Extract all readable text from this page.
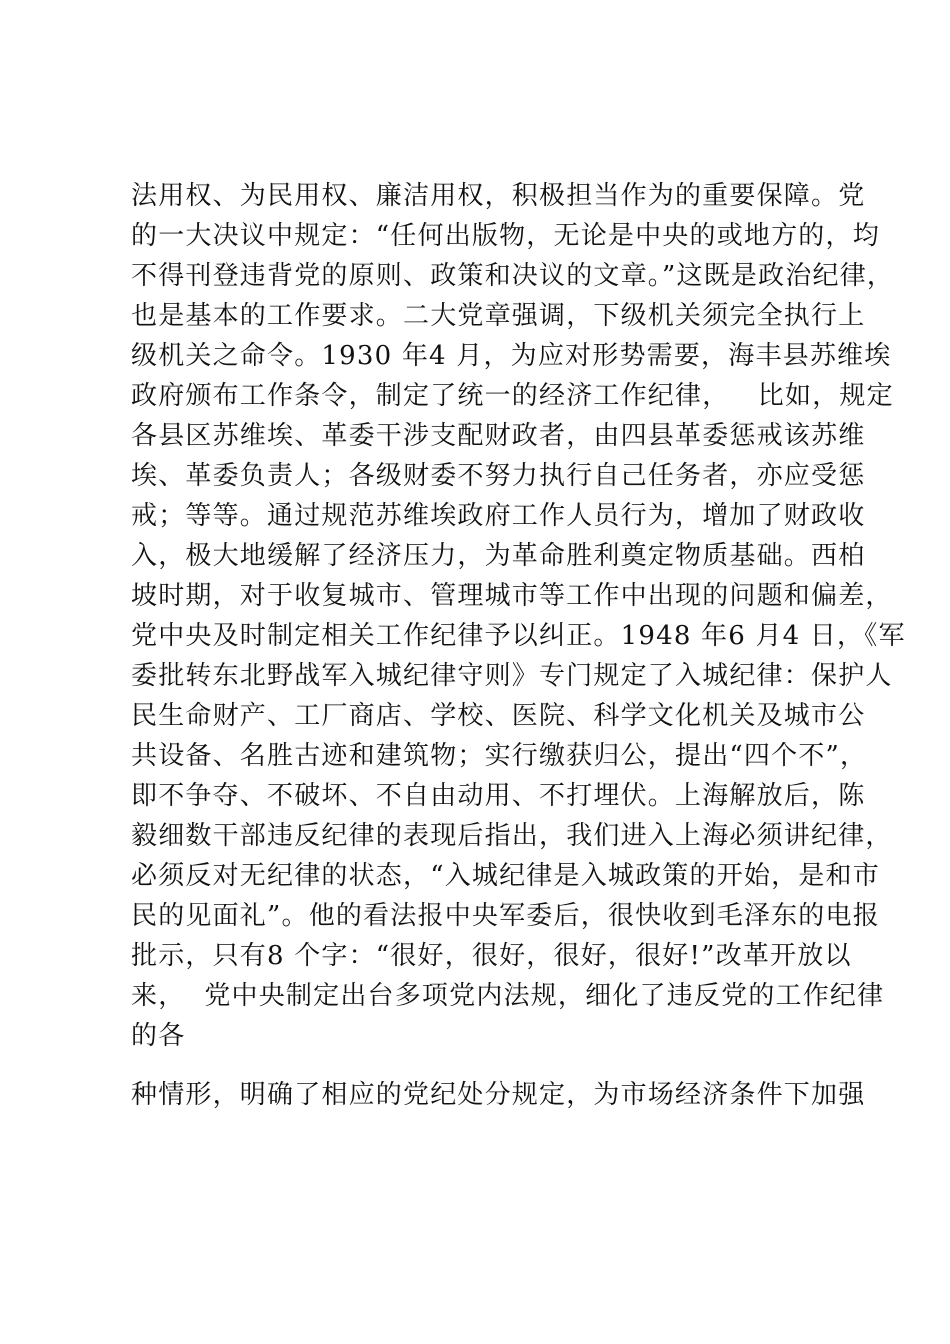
法用权、为民用权、廉洁用权，积极担当作为的重要保障。党
的一大决议中规定：“任何出版物，无论是中央的或地方的，均
不得刊登违背党的原则、政策和决议的文章。”这既是政治纪律，
也是基本的工作要求。二大党章强调，下级机关须完全执行上
级机关之命令。1930 年4 月，为应对形势需要，海丰县苏维埃
政府颁布工作条令，制定了统一的经济工作纪律，   比如，规定
各县区苏维埃、革委干涉支配财政者，由四县革委惩戒该苏维
埃、革委负责人；各级财委不努力执行自己任务者，亦应受惩
戒；等等。通过规范苏维埃政府工作人员行为，增加了财政收
入，极大地缓解了经济压力，为革命胜利奠定物质基础。西柏
坡时期，对于收复城市、管理城市等工作中出现的问题和偏差，
党中央及时制定相关工作纪律予以纠正。1948 年6 月4 日，《军
委批转东北野战军入城纪律守则》专门规定了入城纪律：保护人
民生命财产、工厂商店、学校、医院、科学文化机关及城市公
共设备、名胜古迹和建筑物；实行缴获归公，提出“四个不”，
即不争夺、不破坏、不自由动用、不打埋伏。上海解放后，陈
毅细数干部违反纪律的表现后指出，我们进入上海必须讲纪律，
必须反对无纪律的状态，“入城纪律是入城政策的开始，是和市
民的见面礼”。他的看法报中央军委后，很快收到毛泽东的电报
批示，只有8 个字：“很好，很好，很好，很好!”改革开放以
来，  党中央制定出台多项党内法规，细化了违反党的工作纪律
的各
种情形，明确了相应的党纪处分规定，为市场经济条件下加强
